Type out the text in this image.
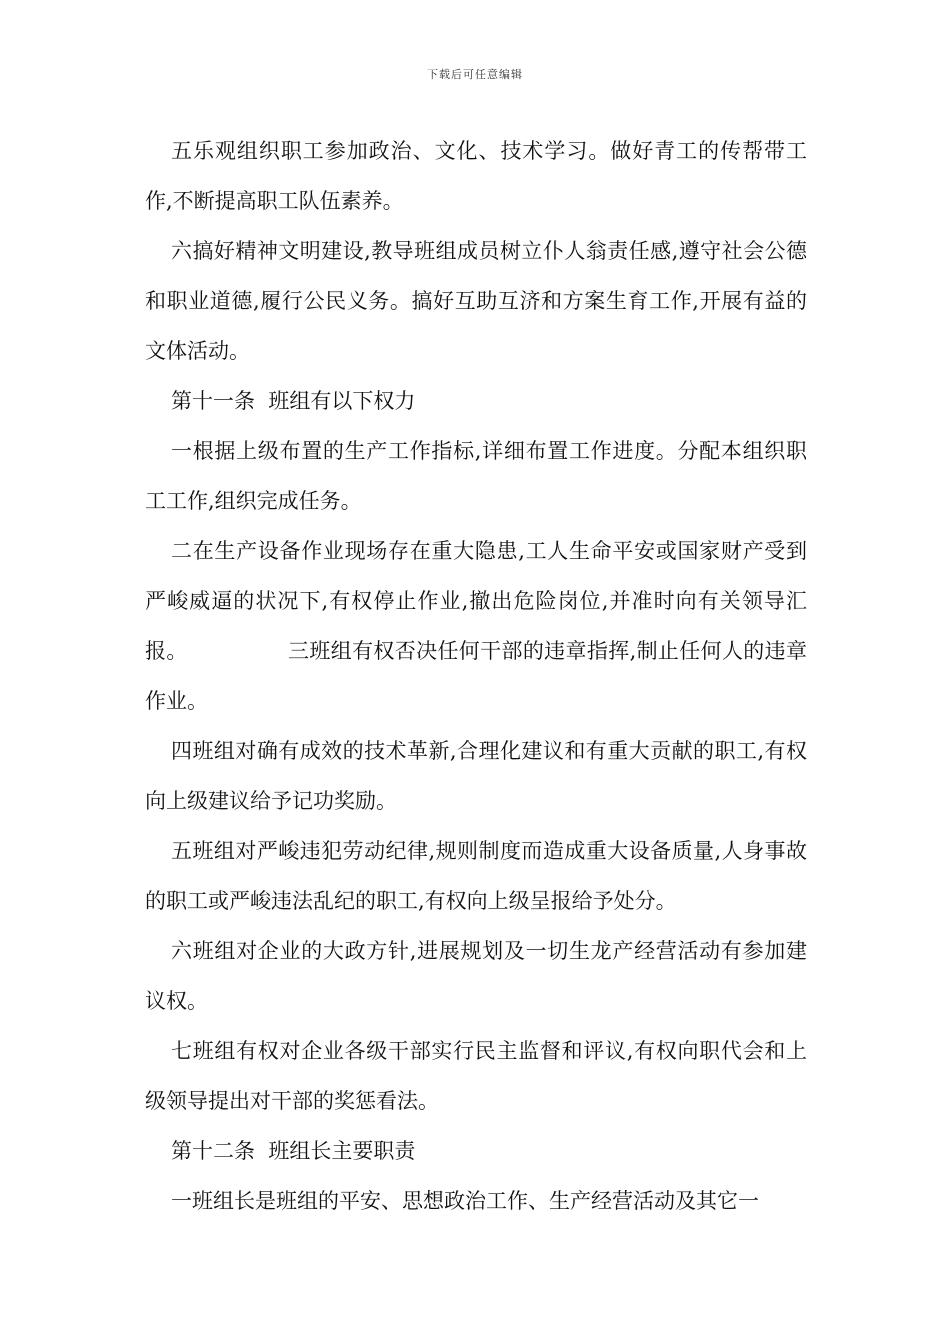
下载后可任意编辑

五乐观组织职工参加政治、文化、技术学习。做好青工的传帮带工作,不断提高职工队伍素养。

六搞好精神文明建设,教导班组成员树立仆人翁责任感,遵守社会公德和职业道德,履行公民义务。搞好互助互济和方案生育工作,开展有益的文体活动。

第十一条  班组有以下权力

一根据上级布置的生产工作指标,详细布置工作进度。分配本组织职工工作,组织完成任务。

二在生产设备作业现场存在重大隐患,工人生命平安或国家财产受到严峻威逼的状况下,有权停止作业,撤出危险岗位,并准时向有关领导汇报。	三班组有权否决任何干部的违章指挥,制止任何人的违章作业。

四班组对确有成效的技术革新,合理化建议和有重大贡献的职工,有权向上级建议给予记功奖励。

五班组对严峻违犯劳动纪律,规则制度而造成重大设备质量,人身事故的职工或严峻违法乱纪的职工,有权向上级呈报给予处分。

六班组对企业的大政方针,进展规划及一切生龙产经营活动有参加建议权。

七班组有权对企业各级干部实行民主监督和评议,有权向职代会和上级领导提出对干部的奖惩看法。

第十二条  班组长主要职责

一班组长是班组的平安、思想政治工作、生产经营活动及其它一
